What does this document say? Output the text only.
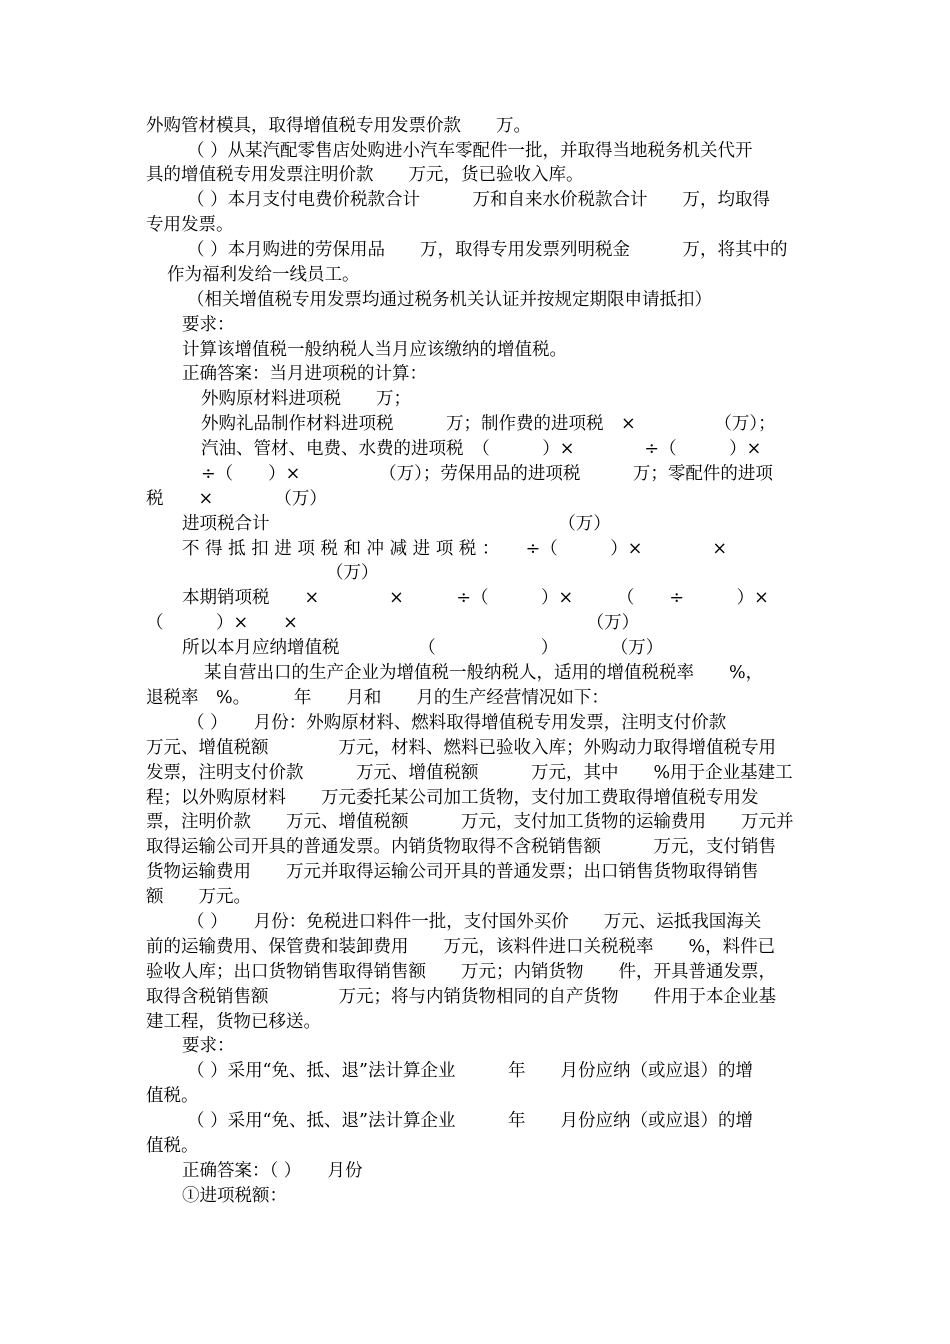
外购管材模具，取得增值税专用发票价款　　万。
（ ）从某汽配零售店处购进小汽车零配件一批，并取得当地税务机关代开
具的增值税专用发票注明价款　　万元，货已验收入库。
（ ）本月支付电费价税款合计　　　万和自来水价税款合计　　万，均取得
专用发票。
（ ）本月购进的劳保用品　　万，取得专用发票列明税金　　　万，将其中的
作为福利发给一线员工。
（相关增值税专用发票均通过税务机关认证并按规定期限申请抵扣）
要求：
计算该增值税一般纳税人当月应该缴纳的增值税。
正确答案：当月进项税的计算：
外购原材料进项税　　万；
外购礼品制作材料进项税　　　万；制作费的进项税　×　　　　　（万）；
汽油、管材、电费、水费的进项税　（　　　）×　　　　÷（　　　）×
÷（　　）×　　　　　（万）；劳保用品的进项税　　　万；零配件的进项
税　　×　　　　（万）
进项税合计　　　　　　　　　　　　　　　　　（万）
不 得 抵 扣 进 项 税 和 冲 减 进 项 税 ：　　÷（　　　）×　　　　×
（万）
本期销项税　　×　　　　×　　　÷（　　　）×　　　（　　÷　　　）×
（　　　）×　　×　　　　　　　　　　　　　　　　　（万）
所以本月应纳增值税　　　　　（　　　　　　）　　　　（万）
某自营出口的生产企业为增值税一般纳税人，适用的增值税税率　　%，
退税率　%。　　　年　　月和　　月的生产经营情况如下：
（ ）　　月份：外购原材料、燃料取得增值税专用发票，注明支付价款
万元、增值税额　　　　万元，材料、燃料已验收入库；外购动力取得增值税专用
发票，注明支付价款　　　万元、增值税额　　　万元，其中　　%用于企业基建工
程；以外购原材料　　万元委托某公司加工货物，支付加工费取得增值税专用发
票，注明价款　　万元、增值税额　　　万元，支付加工货物的运输费用　　万元并
取得运输公司开具的普通发票。内销货物取得不含税销售额　　　万元，支付销售
货物运输费用　　万元并取得运输公司开具的普通发票；出口销售货物取得销售
额　　万元。
（ ）　　月份：免税进口料件一批，支付国外买价　　万元、运抵我国海关
前的运输费用、保管费和装卸费用　　万元，该料件进口关税税率　　%，料件已
验收人库；出口货物销售取得销售额　　万元；内销货物　　件，开具普通发票，
取得含税销售额　　　　万元；将与内销货物相同的自产货物　　件用于本企业基
建工程，货物已移送。
要求：
（ ）采用“免、抵、退”法计算企业　　　年　　月份应纳（或应退）的增
值税。
（ ）采用“免、抵、退”法计算企业　　　年　　月份应纳（或应退）的增
值税。
正确答案：（ ）　　月份
①进项税额：
